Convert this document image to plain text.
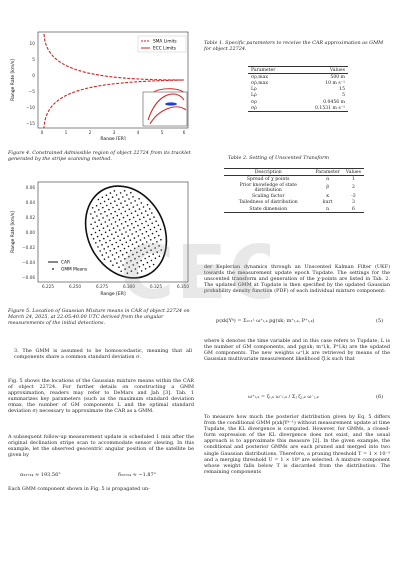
10
5
0
−5
−10
−15
0	1	2	3	4	5	6
Range [ER]
Range Rate [km/s]
SMA Limits
ECC Limits
Figure 4. Constrained Admissible region of object 22724 from its tracklet generated by the stripe scanning method.
0.06
0.04
0.02
0.00
−0.02
−0.04
−0.06
6.225	6.250	6.275	6.300	6.325	6.350
Range [ER]
Range Rate [km/s]
CAR
GMM Means
Figure 5. Location of Gaussian Mixture means in CAR of object 22724 on March 24, 2025, at 22:05:40.00 UTC derived from the angular measurements of the initial detections.
3. The GMM is assumed to be homoscedastic, meaning that all components share a common standard deviation σ.
Fig. 5 shows the locations of the Gaussian mixture means within the CAR of object 22724. For further details on constructing a GMM approximation, readers may refer to DeMars and Jah [3]. Tab. 1 summarizes key parameters (such as the maximum standard deviation σmax, the number of GM components L and the optimal standard deviation σ) necessary to approximate the CAR as a GMM.
A subsequent follow-up measurement update is scheduled 1 min after the original declination stripe scan to accommodate sensor slewing. In this example, let the observed geocentric angular position of the satellite be given by
α₂₂₇₂₄ ≈ 193.56°	δ₂₂₇₂₄ ≈ −1.87°
Each GMM component shown in Fig. 5 is propagated un-
Table 1. Specific parameters to receive the CAR approximation as GMM for object 22724.
Parameter	Values
σρ,max	500 m
σρ̇,max	10 m s⁻¹
Lρ	15
Lρ̇	5
σρ	0.0456 m
σρ̇	0.1531 m s⁻¹
Table 2. Setting of Unscented Transform
Description	Parameter	Values
Spread of χ points	α	1
Prior knowledge of state distribution	β	2
Scaling factor	κ	-3
Tailedness of distribution	kurt	3
State dimension	n	6
der Keplerian dynamics through an Unscented Kalman Filter (UKF) towards the measurement update epoch Tupdate. The settings for the unscented transform and generation of the χ-points are listed in Tab. 2. The updated GMM at Tupdate is then specified by the updated Gaussian probability density function (PDF) of each individual mixture component:
p(xk|Yᵏ) = Σₗ₌₁ᴸ ω⁺ₗ,ₖ pg(xk; m⁺ₗ,ₖ, P⁺ₗ,ₖ)	(5)
where k denotes the time variable and in this case refers to Tupdate, L is the number of GM components, and pg(xk; m⁺l,k, P⁺l,k) are the updated GM components. The new weights ω⁺l,k are retrieved by means of the Gaussian multivariate measurement likelihood ζl,k such that
ω⁺ₗ,ₖ = ζₗ,ₖ ω⁻ₗ,ₖ / Σⱼ ζⱼ,ₖ ω⁻ⱼ,ₖ	(6)
To measure how much the posterior distribution given by Eq. 5 differs from the conditional GMM p(xk|Yᵏ⁻¹) without measurement update at time Tupdate, the KL divergence is computed. However, for GMMs, a closed-form expression of the KL divergence does not exist, and the usual approach is to approximate this measure [2]. In the given example, the conditional and posterior GMMs are each pruned and merged into two single Gaussian distributions. Therefore, a pruning threshold T = 1 × 10⁻³ and a merging threshold U = 1 × 10⁶ are selected. A mixture component whose weight falls below T is discarded from the distribution. The remaining components
CEO
